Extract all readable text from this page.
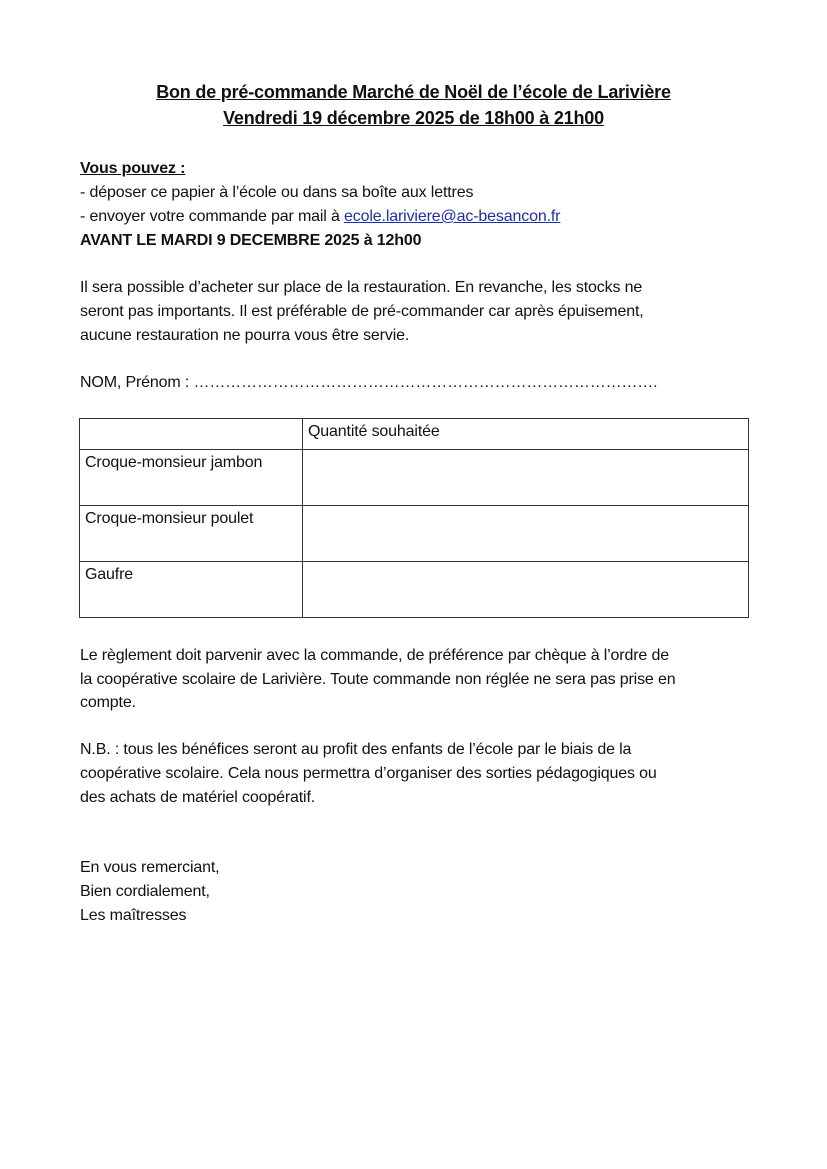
Bon de pré-commande Marché de Noël de l’école de Larivière
Vendredi 19 décembre 2025 de 18h00 à 21h00
Vous pouvez :
- déposer ce papier à l’école ou dans sa boîte aux lettres
- envoyer votre commande par mail à ecole.lariviere@ac-besancon.fr
AVANT LE MARDI 9 DECEMBRE 2025 à 12h00
Il sera possible d’acheter sur place de la restauration. En revanche, les stocks ne
seront pas importants. Il est préférable de pré-commander car après épuisement,
aucune restauration ne pourra vous être servie.
NOM, Prénom : …………………………………………………………………………….
	Quantité souhaitée
Croque-monsieur jambon	
Croque-monsieur poulet	
Gaufre	
Le règlement doit parvenir avec la commande, de préférence par chèque à l’ordre de
la coopérative scolaire de Larivière. Toute commande non réglée ne sera pas prise en
compte.
N.B. : tous les bénéfices seront au profit des enfants de l’école par le biais de la
coopérative scolaire. Cela nous permettra d’organiser des sorties pédagogiques ou
des achats de matériel coopératif.
En vous remerciant,
Bien cordialement,
Les maîtresses
